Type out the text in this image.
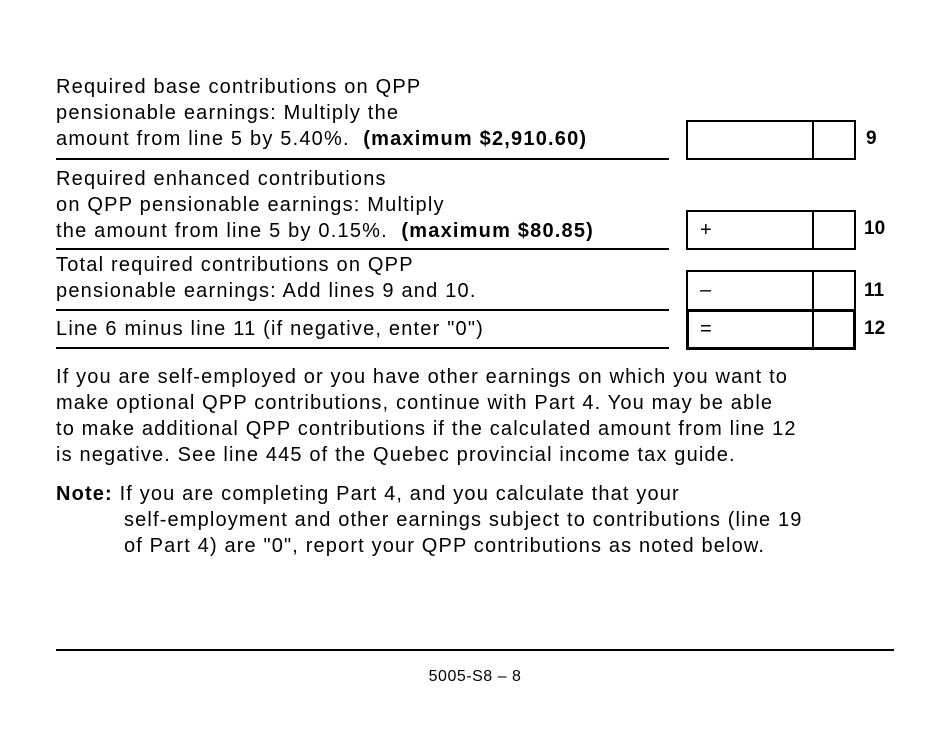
Required base contributions on QPP
pensionable earnings: Multiply the
amount from line 5 by 5.40%. (maximum $2,910.60)	9
Required enhanced contributions
on QPP pensionable earnings: Multiply
the amount from line 5 by 0.15%. (maximum $80.85)	+	10
Total required contributions on QPP
pensionable earnings: Add lines 9 and 10.	–	11
Line 6 minus line 11 (if negative, enter "0")	=	12
If you are self-employed or you have other earnings on which you want to
make optional QPP contributions, continue with Part 4. You may be able
to make additional QPP contributions if the calculated amount from line 12
is negative. See line 445 of the Quebec provincial income tax guide.
Note: If you are completing Part 4, and you calculate that your
self-employment and other earnings subject to contributions (line 19
of Part 4) are "0", report your QPP contributions as noted below.
5005-S8 – 8
